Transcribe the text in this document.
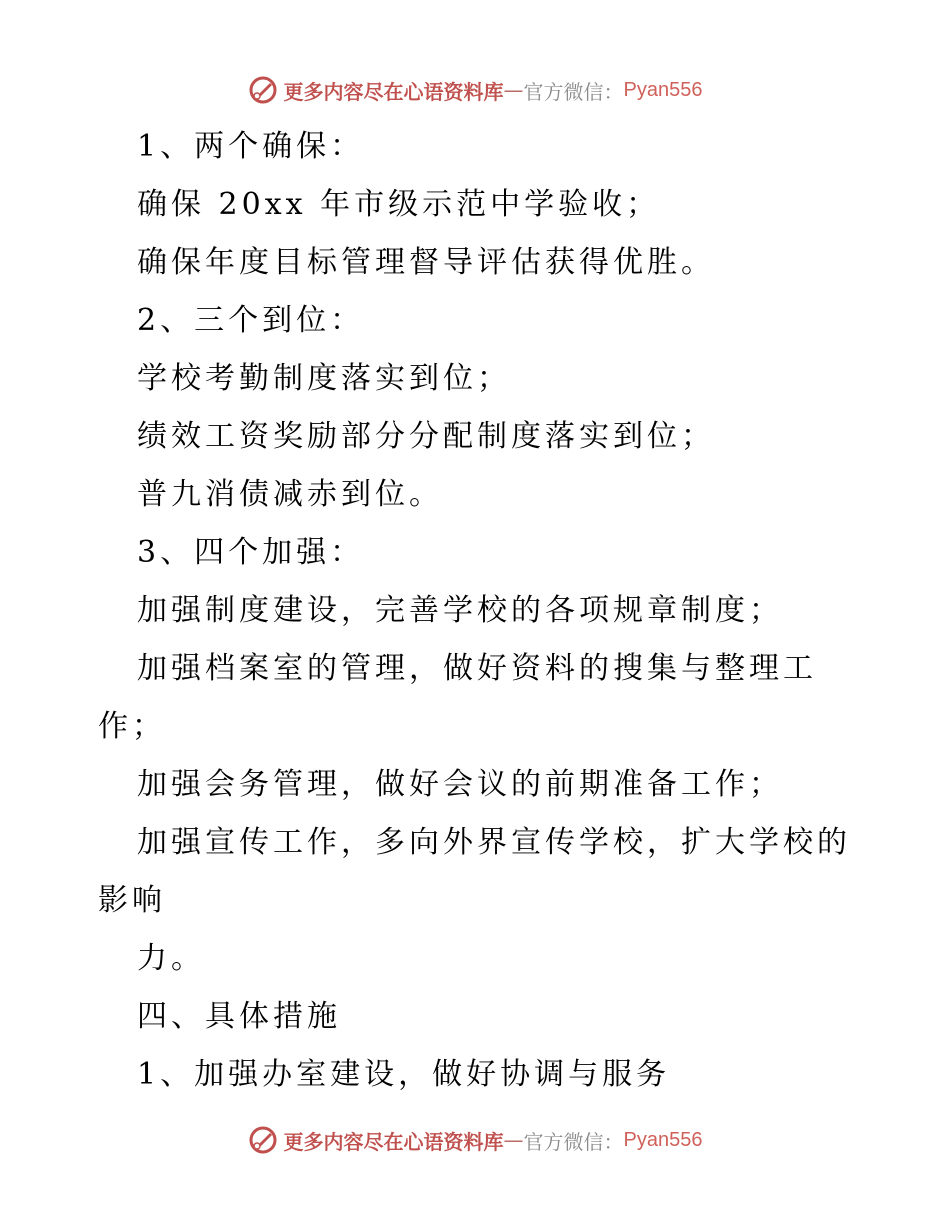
更多内容尽在心语资料库 — 官方微信： Pyan556
1、两个确保：
确保 20xx 年市级示范中学验收；
确保年度目标管理督导评估获得优胜。
2、三个到位：
学校考勤制度落实到位；
绩效工资奖励部分分配制度落实到位；
普九消债减赤到位。
3、四个加强：
加强制度建设，完善学校的各项规章制度；
加强档案室的管理，做好资料的搜集与整理工
作；
加强会务管理，做好会议的前期准备工作；
加强宣传工作，多向外界宣传学校，扩大学校的
影响
力。
四、具体措施
1、加强办室建设，做好协调与服务
更多内容尽在心语资料库 — 官方微信： Pyan556
